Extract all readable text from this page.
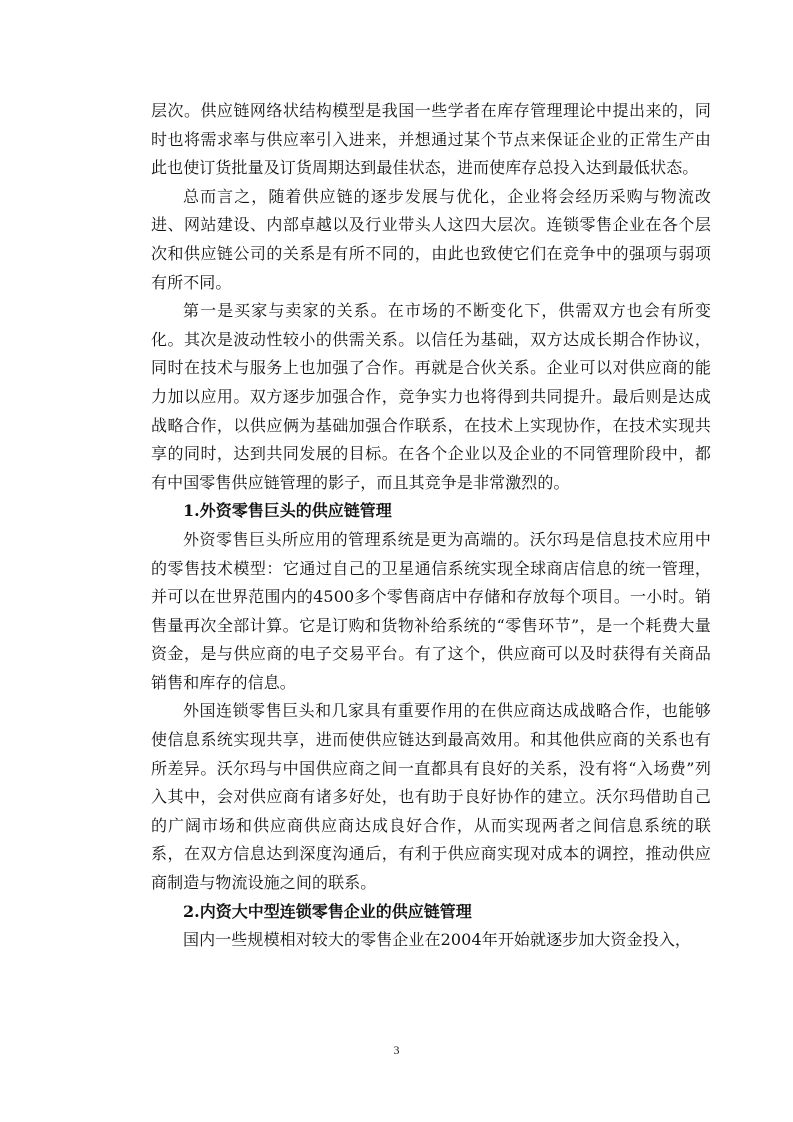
层次。供应链网络状结构模型是我国一些学者在库存管理理论中提出来的，同时也将需求率与供应率引入进来，并想通过某个节点来保证企业的正常生产由此也使订货批量及订货周期达到最佳状态，进而使库存总投入达到最低状态。

总而言之，随着供应链的逐步发展与优化，企业将会经历采购与物流改进、网站建设、内部卓越以及行业带头人这四大层次。连锁零售企业在各个层次和供应链公司的关系是有所不同的，由此也致使它们在竞争中的强项与弱项有所不同。

第一是买家与卖家的关系。在市场的不断变化下，供需双方也会有所变化。其次是波动性较小的供需关系。以信任为基础，双方达成长期合作协议，同时在技术与服务上也加强了合作。再就是合伙关系。企业可以对供应商的能力加以应用。双方逐步加强合作，竞争实力也将得到共同提升。最后则是达成战略合作，以供应俩为基础加强合作联系，在技术上实现协作，在技术实现共享的同时，达到共同发展的目标。在各个企业以及企业的不同管理阶段中，都有中国零售供应链管理的影子，而且其竞争是非常激烈的。

1.外资零售巨头的供应链管理

外资零售巨头所应用的管理系统是更为高端的。沃尔玛是信息技术应用中的零售技术模型：它通过自己的卫星通信系统实现全球商店信息的统一管理，并可以在世界范围内的4500多个零售商店中存储和存放每个项目。一小时。销售量再次全部计算。它是订购和货物补给系统的“零售环节”，是一个耗费大量资金，是与供应商的电子交易平台。有了这个，供应商可以及时获得有关商品销售和库存的信息。

外国连锁零售巨头和几家具有重要作用的在供应商达成战略合作，也能够使信息系统实现共享，进而使供应链达到最高效用。和其他供应商的关系也有所差异。沃尔玛与中国供应商之间一直都具有良好的关系，没有将“入场费”列入其中，会对供应商有诸多好处，也有助于良好协作的建立。沃尔玛借助自己的广阔市场和供应商供应商达成良好合作，从而实现两者之间信息系统的联系，在双方信息达到深度沟通后，有利于供应商实现对成本的调控，推动供应商制造与物流设施之间的联系。

2.内资大中型连锁零售企业的供应链管理

国内一些规模相对较大的零售企业在2004年开始就逐步加大资金投入，

3
